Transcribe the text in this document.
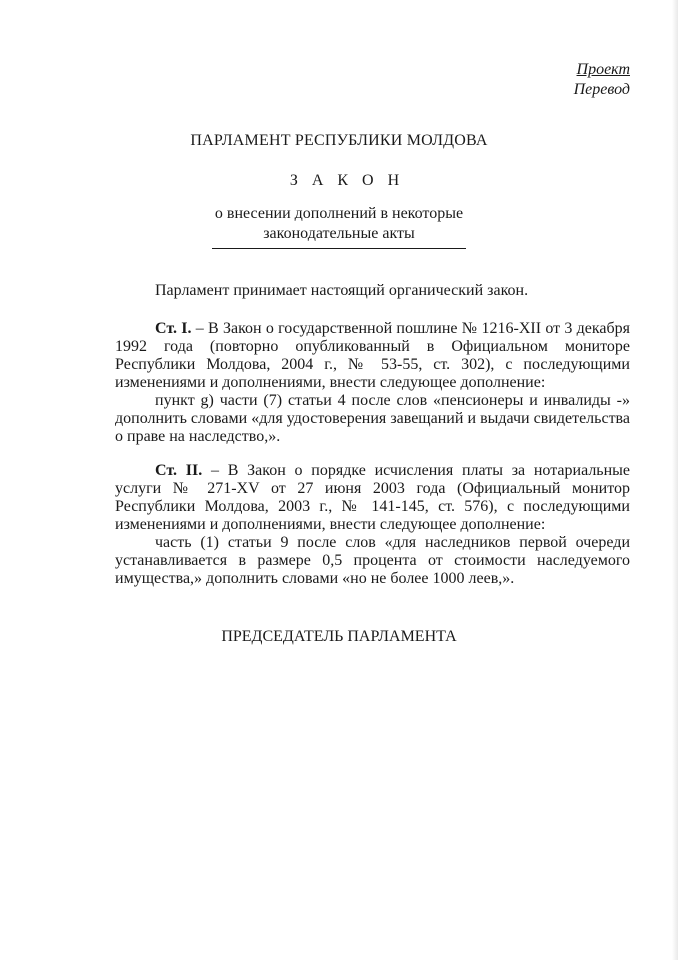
Проект
Перевод
ПАРЛАМЕНТ РЕСПУБЛИКИ МОЛДОВА
З А К О Н
о внесении дополнений в некоторые
законодательные акты
Парламент принимает настоящий органический закон.

Ст. I. – В Закон о государственной пошлине № 1216-XII от 3 декабря 1992 года (повторно опубликованный в Официальном мониторе Республики Молдова, 2004 г., № 53-55, ст. 302), с последующими изменениями и дополнениями, внести следующее дополнение:

пункт g) части (7) статьи 4 после слов «пенсионеры и инвалиды -» дополнить словами «для удостоверения завещаний и выдачи свидетельства о праве на наследство,».

Ст. II. – В Закон о порядке исчисления платы за нотариальные услуги № 271-XV от 27 июня 2003 года (Официальный монитор Республики Молдова, 2003 г., № 141-145, ст. 576), с последующими изменениями и дополнениями, внести следующее дополнение:

часть (1) статьи 9 после слов «для наследников первой очереди устанавливается в размере 0,5 процента от стоимости наследуемого имущества,» дополнить словами «но не более 1000 леев,».

ПРЕДСЕДАТЕЛЬ ПАРЛАМЕНТА
